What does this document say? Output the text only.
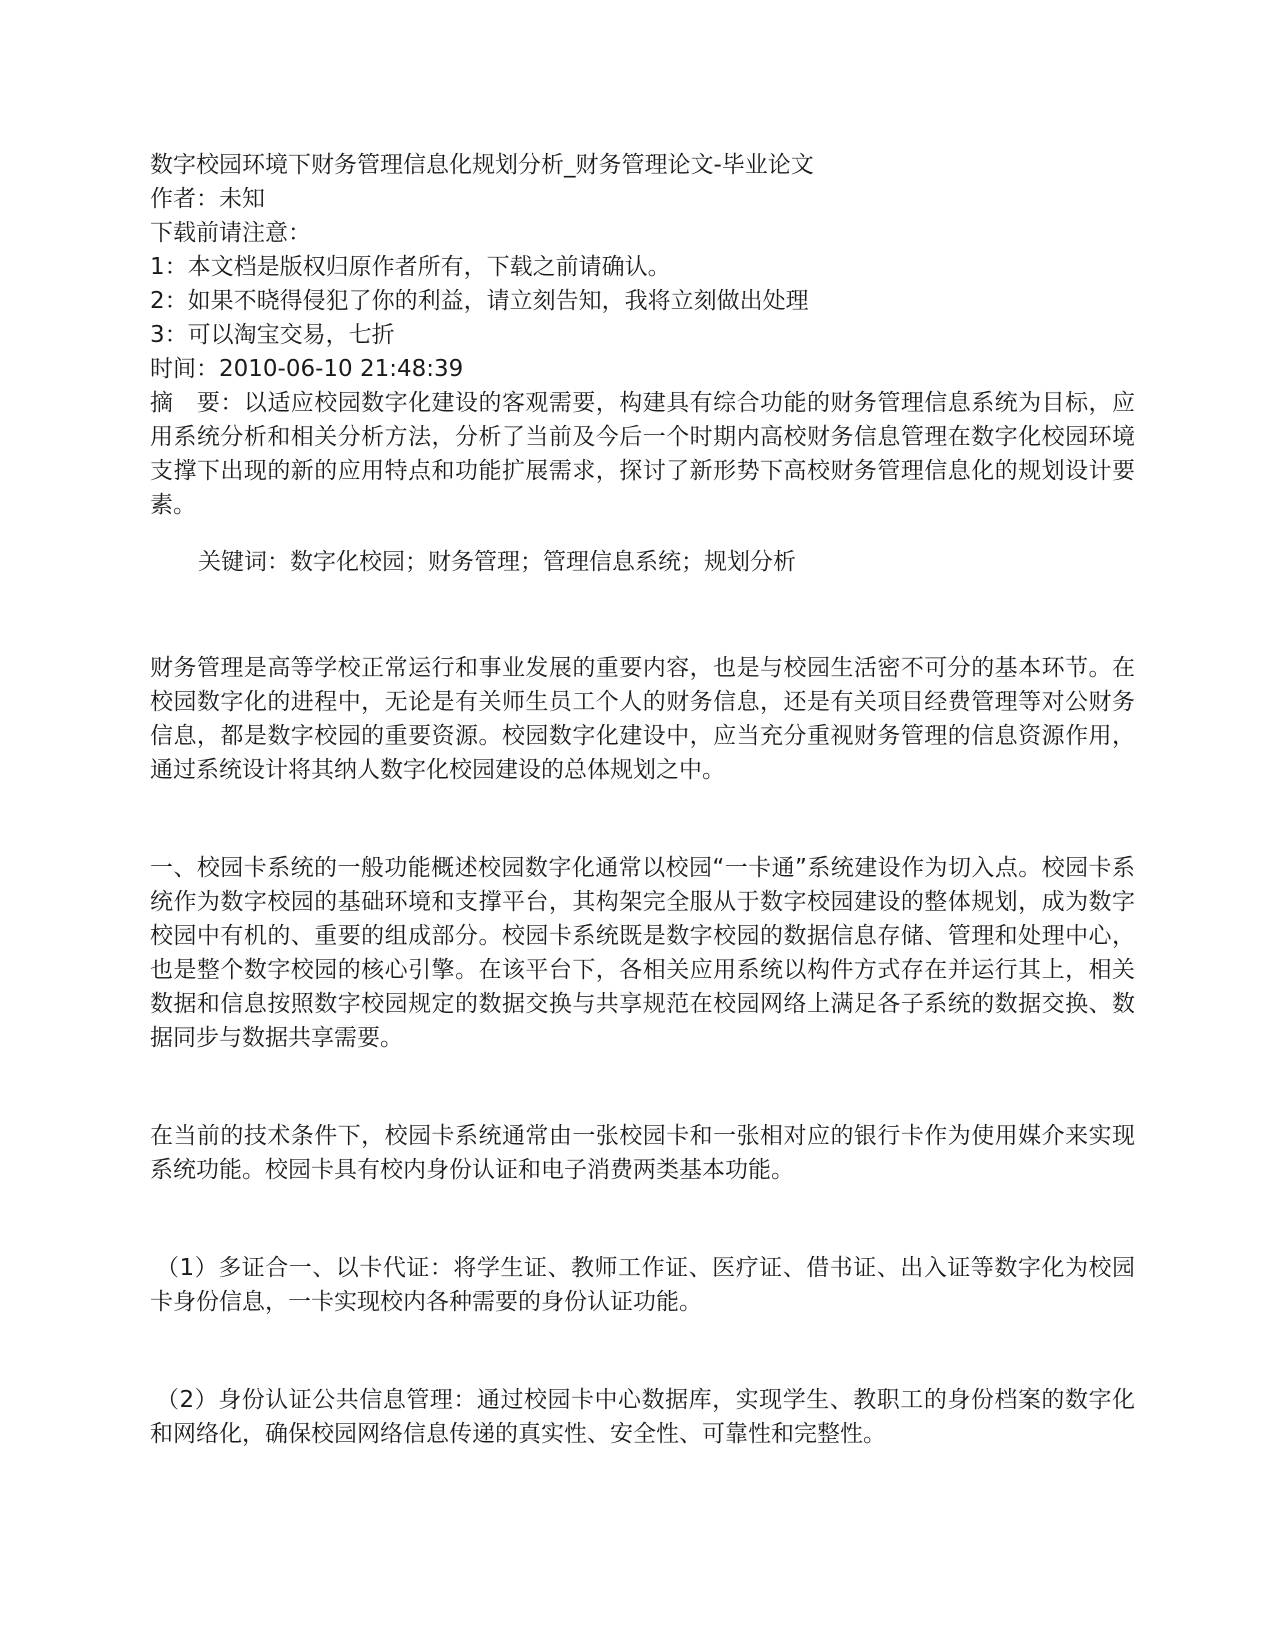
数字校园环境下财务管理信息化规划分析_财务管理论文-毕业论文
作者：未知
下载前请注意：
1：本文档是版权归原作者所有，下载之前请确认。
2：如果不晓得侵犯了你的利益，请立刻告知，我将立刻做出处理
3：可以淘宝交易，七折
时间：2010-06-10 21:48:39

摘　要：以适应校园数字化建设的客观需要，构建具有综合功能的财务管理信息系统为目标，应用系统分析和相关分析方法，分析了当前及今后一个时期内高校财务信息管理在数字化校园环境支撑下出现的新的应用特点和功能扩展需求，探讨了新形势下高校财务管理信息化的规划设计要素。

关键词：数字化校园；财务管理；管理信息系统；规划分析

财务管理是高等学校正常运行和事业发展的重要内容，也是与校园生活密不可分的基本环节。在校园数字化的进程中，无论是有关师生员工个人的财务信息，还是有关项目经费管理等对公财务信息，都是数字校园的重要资源。校园数字化建设中，应当充分重视财务管理的信息资源作用，通过系统设计将其纳人数字化校园建设的总体规划之中。

一、校园卡系统的一般功能概述校园数字化通常以校园“一卡通”系统建设作为切入点。校园卡系统作为数字校园的基础环境和支撑平台，其构架完全服从于数字校园建设的整体规划，成为数字校园中有机的、重要的组成部分。校园卡系统既是数字校园的数据信息存储、管理和处理中心，也是整个数字校园的核心引擎。在该平台下，各相关应用系统以构件方式存在并运行其上，相关数据和信息按照数字校园规定的数据交换与共享规范在校园网络上满足各子系统的数据交换、数据同步与数据共享需要。

在当前的技术条件下，校园卡系统通常由一张校园卡和一张相对应的银行卡作为使用媒介来实现系统功能。校园卡具有校内身份认证和电子消费两类基本功能。

（1）多证合一、以卡代证：将学生证、教师工作证、医疗证、借书证、出入证等数字化为校园卡身份信息，一卡实现校内各种需要的身份认证功能。

（2）身份认证公共信息管理：通过校园卡中心数据库，实现学生、教职工的身份档案的数字化和网络化，确保校园网络信息传递的真实性、安全性、可靠性和完整性。
